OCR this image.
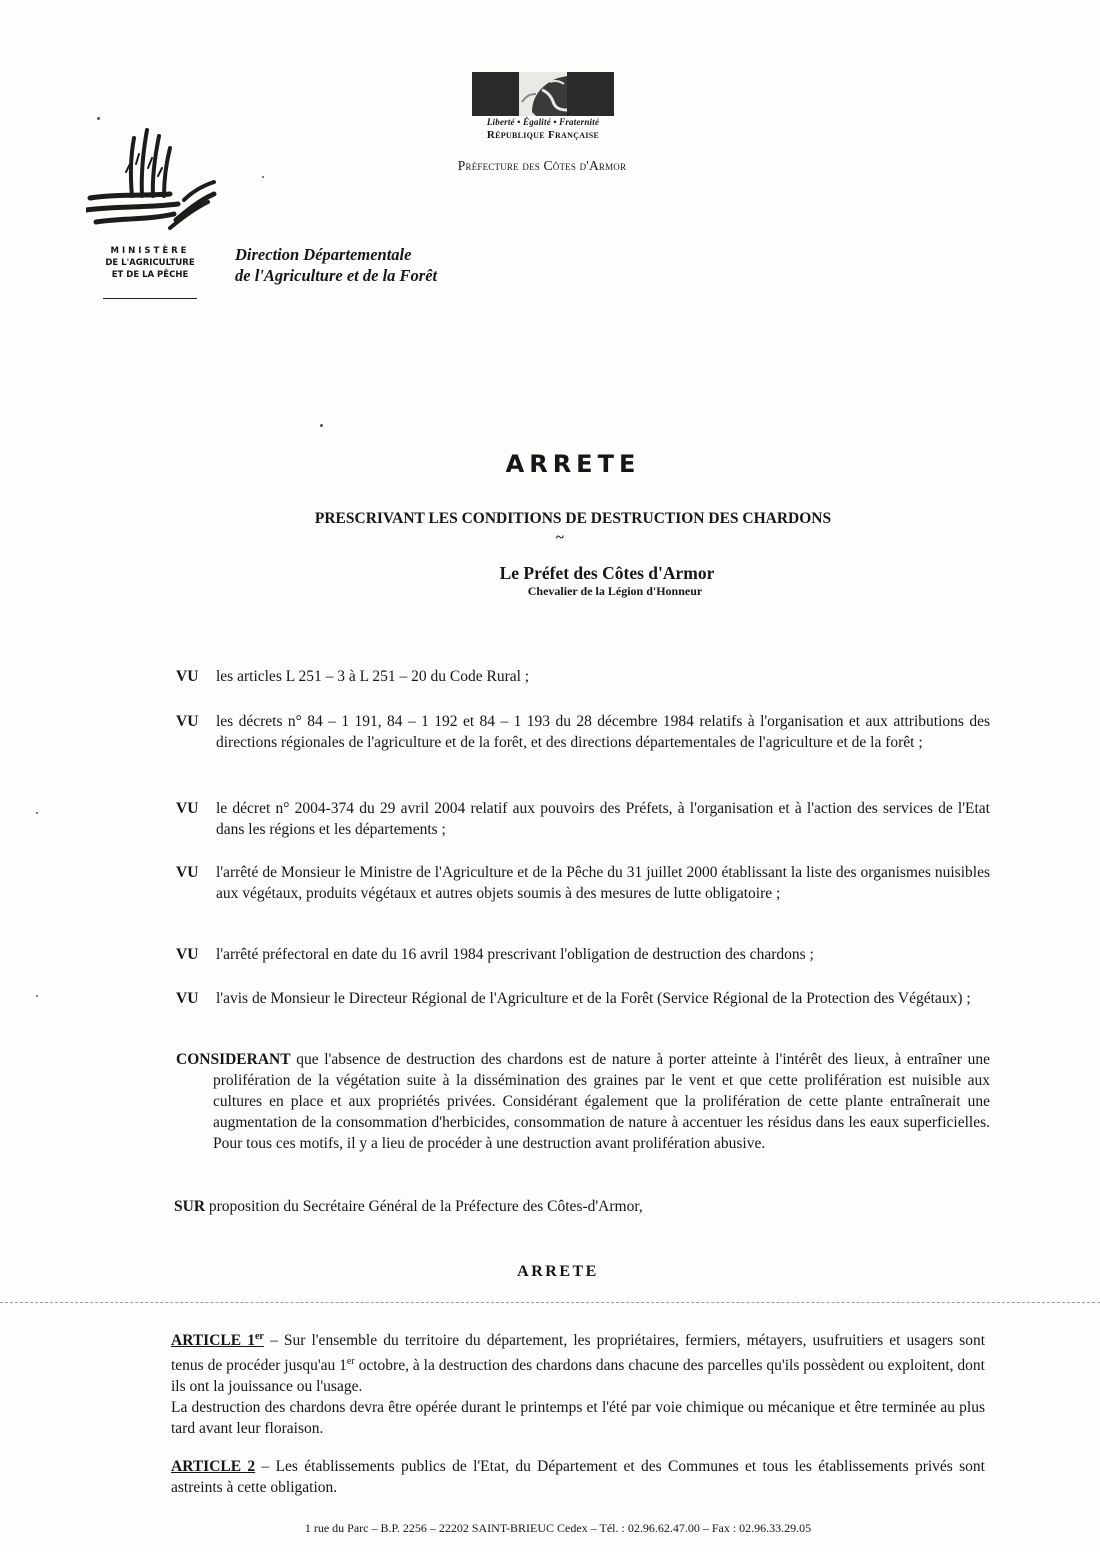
Liberté • Égalité • Fraternité
République Française
Préfecture des Côtes d'Armor
MINISTÈRE
DE L'AGRICULTURE
ET DE LA PÊCHE
Direction Départementale
de l'Agriculture et de la Forêt
ARRETE
PRESCRIVANT LES CONDITIONS DE DESTRUCTION DES CHARDONS
~
Le Préfet des Côtes d'Armor
Chevalier de la Légion d'Honneur
VU	les articles L 251 – 3 à L 251 – 20 du Code Rural ;
VU	les décrets n° 84 – 1 191, 84 – 1 192 et 84 – 1 193 du 28 décembre 1984 relatifs à l'organisation et aux attributions des directions régionales de l'agriculture et de la forêt, et des directions départementales de l'agriculture et de la forêt ;
VU	le décret n° 2004-374 du 29 avril 2004 relatif aux pouvoirs des Préfets, à l'organisation et à l'action des services de l'Etat dans les régions et les départements ;
VU	l'arrêté de Monsieur le Ministre de l'Agriculture et de la Pêche du 31 juillet 2000 établissant la liste des organismes nuisibles aux végétaux, produits végétaux et autres objets soumis à des mesures de lutte obligatoire ;
VU	l'arrêté préfectoral en date du 16 avril 1984 prescrivant l'obligation de destruction des chardons ;
VU	l'avis de Monsieur le Directeur Régional de l'Agriculture et de la Forêt (Service Régional de la Protection des Végétaux) ;
CONSIDERANT que l'absence de destruction des chardons est de nature à porter atteinte à l'intérêt des lieux, à entraîner une prolifération de la végétation suite à la dissémination des graines par le vent et que cette prolifération est nuisible aux cultures en place et aux propriétés privées. Considérant également que la prolifération de cette plante entraînerait une augmentation de la consommation d'herbicides, consommation de nature à accentuer les résidus dans les eaux superficielles. Pour tous ces motifs, il y a lieu de procéder à une destruction avant prolifération abusive.
SUR proposition du Secrétaire Général de la Préfecture des Côtes-d'Armor,
ARRETE

ARTICLE 1er – Sur l'ensemble du territoire du département, les propriétaires, fermiers, métayers, usufruitiers et usagers sont tenus de procéder jusqu'au 1er octobre, à la destruction des chardons dans chacune des parcelles qu'ils possèdent ou exploitent, dont ils ont la jouissance ou l'usage.

La destruction des chardons devra être opérée durant le printemps et l'été par voie chimique ou mécanique et être terminée au plus tard avant leur floraison.

ARTICLE 2 – Les établissements publics de l'Etat, du Département et des Communes et tous les établissements privés sont astreints à cette obligation.
1 rue du Parc – B.P. 2256 – 22202 SAINT-BRIEUC Cedex – Tél. : 02.96.62.47.00 – Fax : 02.96.33.29.05
